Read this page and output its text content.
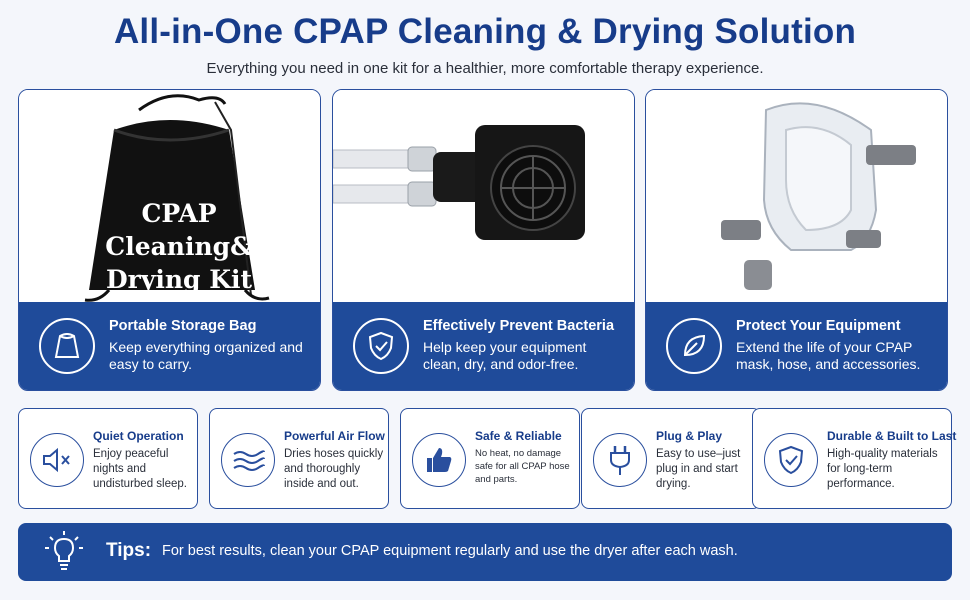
All-in-One CPAP Cleaning & Drying Solution
Everything you need in one kit for a healthier, more comfortable therapy experience.
CPAP
Cleaning&
Drying Kit
Portable Storage Bag
Keep everything organized and easy to carry.
Effectively Prevent Bacteria
Help keep your equipment clean, dry, and odor-free.
Protect Your Equipment
Extend the life of your CPAP mask, hose, and accessories.
Quiet Operation
Enjoy peaceful nights and undisturbed sleep.
Powerful Air Flow
Dries hoses quickly and thoroughly inside and out.
Safe & Reliable
No heat, no damage safe for all CPAP hose and parts.
Plug & Play
Easy to use–just plug in and start drying.
Durable & Built to Last
High-quality materials for long-term performance.
Tips: For best results, clean your CPAP equipment regularly and use the dryer after each wash.
